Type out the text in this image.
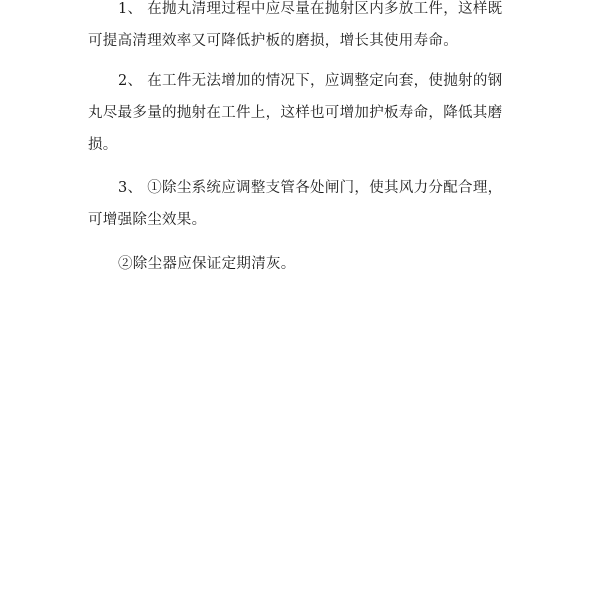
1、 在抛丸清理过程中应尽量在抛射区内多放工件，这样既
可提高清理效率又可降低护板的磨损，增长其使用寿命。

2、 在工件无法增加的情况下，应调整定向套，使抛射的钢
丸尽最多量的抛射在工件上，这样也可增加护板寿命，降低其磨
损。

3、 ①除尘系统应调整支管各处闸门，使其风力分配合理，
可增强除尘效果。

②除尘器应保证定期清灰。
